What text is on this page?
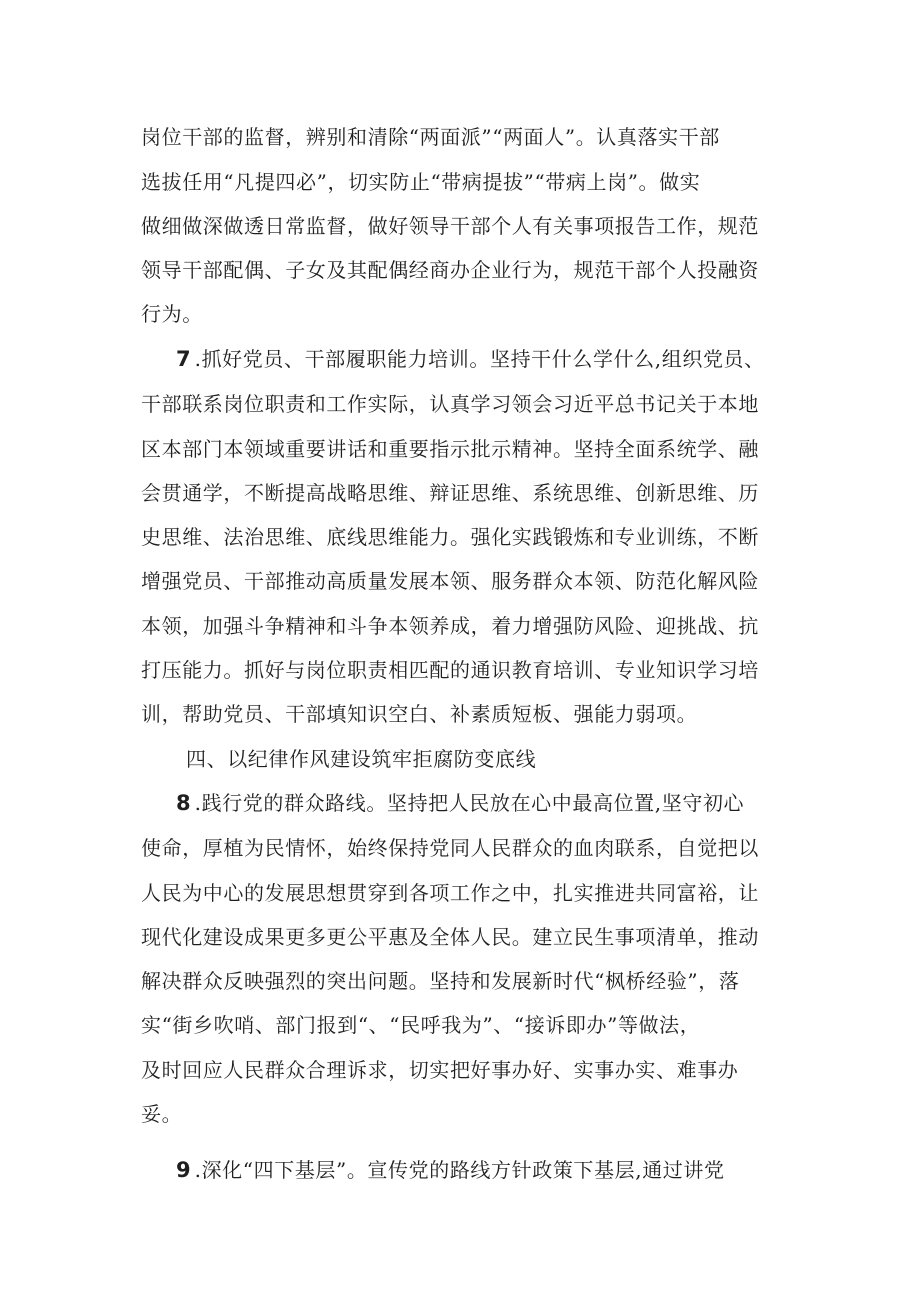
岗位干部的监督，辨别和清除“两面派”“两面人”。认真落实干部
选拔任用“凡提四必”，切实防止“带病提拔”“带病上岗”。做实
做细做深做透日常监督，做好领导干部个人有关事项报告工作，规范
领导干部配偶、子女及其配偶经商办企业行为，规范干部个人投融资
行为。
7 .抓好党员、干部履职能力培训。坚持干什么学什么,组织党员、
干部联系岗位职责和工作实际，认真学习领会习近平总书记关于本地
区本部门本领域重要讲话和重要指示批示精神。坚持全面系统学、融
会贯通学，不断提高战略思维、辩证思维、系统思维、创新思维、历
史思维、法治思维、底线思维能力。强化实践锻炼和专业训练，不断
增强党员、干部推动高质量发展本领、服务群众本领、防范化解风险
本领，加强斗争精神和斗争本领养成，着力增强防风险、迎挑战、抗
打压能力。抓好与岗位职责相匹配的通识教育培训、专业知识学习培
训，帮助党员、干部填知识空白、补素质短板、强能力弱项。
四、以纪律作风建设筑牢拒腐防变底线
8 .践行党的群众路线。坚持把人民放在心中最高位置,坚守初心
使命，厚植为民情怀，始终保持党同人民群众的血肉联系，自觉把以
人民为中心的发展思想贯穿到各项工作之中，扎实推进共同富裕，让
现代化建设成果更多更公平惠及全体人民。建立民生事项清单，推动
解决群众反映强烈的突出问题。坚持和发展新时代“枫桥经验”，落
实“街乡吹哨、部门报到“、“民呼我为”、“接诉即办”等做法，
及时回应人民群众合理诉求，切实把好事办好、实事办实、难事办
妥。
9 .深化“四下基层”。宣传党的路线方针政策下基层,通过讲党
